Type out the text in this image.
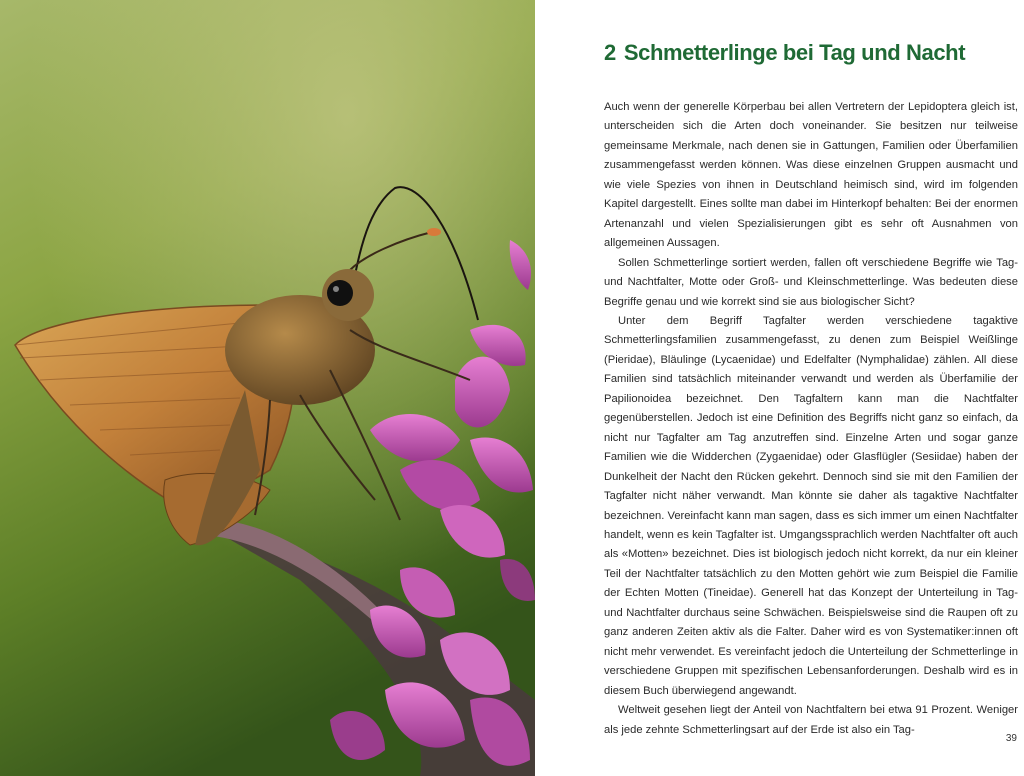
2 Schmetterlinge bei Tag und Nacht

Auch wenn der generelle Körperbau bei allen Vertretern der Lepidoptera gleich ist, unterscheiden sich die Arten doch voneinander. Sie besitzen nur teilweise gemeinsame Merkmale, nach denen sie in Gattungen, Familien oder Überfamilien zusammengefasst werden können. Was diese einzelnen Gruppen ausmacht und wie viele Spezies von ihnen in Deutschland heimisch sind, wird im folgenden Kapitel dargestellt. Eines sollte man dabei im Hinterkopf behalten: Bei der enormen Artenanzahl und vielen Spezialisierungen gibt es sehr oft Ausnahmen von allgemeinen Aussagen.

Sollen Schmetterlinge sortiert werden, fallen oft verschiedene Begriffe wie Tag- und Nachtfalter, Motte oder Groß- und Kleinschmetterlinge. Was bedeuten diese Begriffe genau und wie korrekt sind sie aus biologischer Sicht?

Unter dem Begriff Tagfalter werden verschiedene tagaktive Schmetterlingsfamilien zusammengefasst, zu denen zum Beispiel Weißlinge (Pieridae), Bläulinge (Lycaenidae) und Edelfalter (Nymphalidae) zählen. All diese Familien sind tatsächlich miteinander verwandt und werden als Überfamilie der Papilionoidea bezeichnet. Den Tagfaltern kann man die Nachtfalter gegenüberstellen. Jedoch ist eine Definition des Begriffs nicht ganz so einfach, da nicht nur Tagfalter am Tag anzutreffen sind. Einzelne Arten und sogar ganze Familien wie die Widderchen (Zygaenidae) oder Glasflügler (Sesiidae) haben der Dunkelheit der Nacht den Rücken gekehrt. Dennoch sind sie mit den Familien der Tagfalter nicht näher verwandt. Man könnte sie daher als tagaktive Nachtfalter bezeichnen. Vereinfacht kann man sagen, dass es sich immer um einen Nachtfalter handelt, wenn es kein Tagfalter ist. Umgangssprachlich werden Nachtfalter oft auch als «Motten» bezeichnet. Dies ist biologisch jedoch nicht korrekt, da nur ein kleiner Teil der Nachtfalter tatsächlich zu den Motten gehört wie zum Beispiel die Familie der Echten Motten (Tineidae). Generell hat das Konzept der Unterteilung in Tag- und Nachtfalter durchaus seine Schwächen. Beispielsweise sind die Raupen oft zu ganz anderen Zeiten aktiv als die Falter. Daher wird es von Systematiker:innen oft nicht mehr verwendet. Es vereinfacht jedoch die Unterteilung der Schmetterlinge in verschiedene Gruppen mit spezifischen Lebensanforderungen. Deshalb wird es in diesem Buch überwiegend angewandt.

Weltweit gesehen liegt der Anteil von Nachtfaltern bei etwa 91 Prozent. Weniger als jede zehnte Schmetterlingsart auf der Erde ist also ein Tag-

39
